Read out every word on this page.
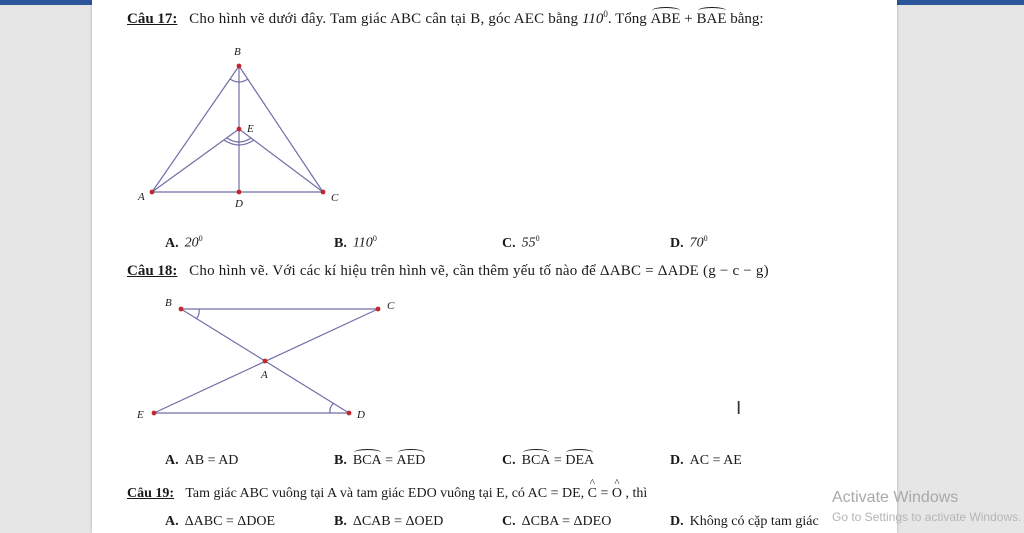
Câu 17: Cho hình vẽ dưới đây. Tam giác ABC cân tại B, góc AEC bằng $110^0$. Tổng ABE + BAE bằng:
B
E
A
D	C
A. $20^0$	B. $110^0$	C. $55^0$	D. $70^0$
Câu 18: Cho hình vẽ. Với các kí hiệu trên hình vẽ, cần thêm yếu tố nào để ΔABC = ΔADE (g − c − g)
B	C
A
E	D
A. AB = AD	B. BCA = AED	C. BCA = DEA	D. AC = AE
Câu 19: Tam giác ABC vuông tại A và tam giác EDO vuông tại E, có AC = DE, ^ C = ^ O , thì
A. ΔABC = ΔDOE	B. ΔCAB = ΔOED	C. ΔCBA = ΔDEO	D. Không có cặp tam giác
I
Activate Windows
Go to Settings to activate Windows.
